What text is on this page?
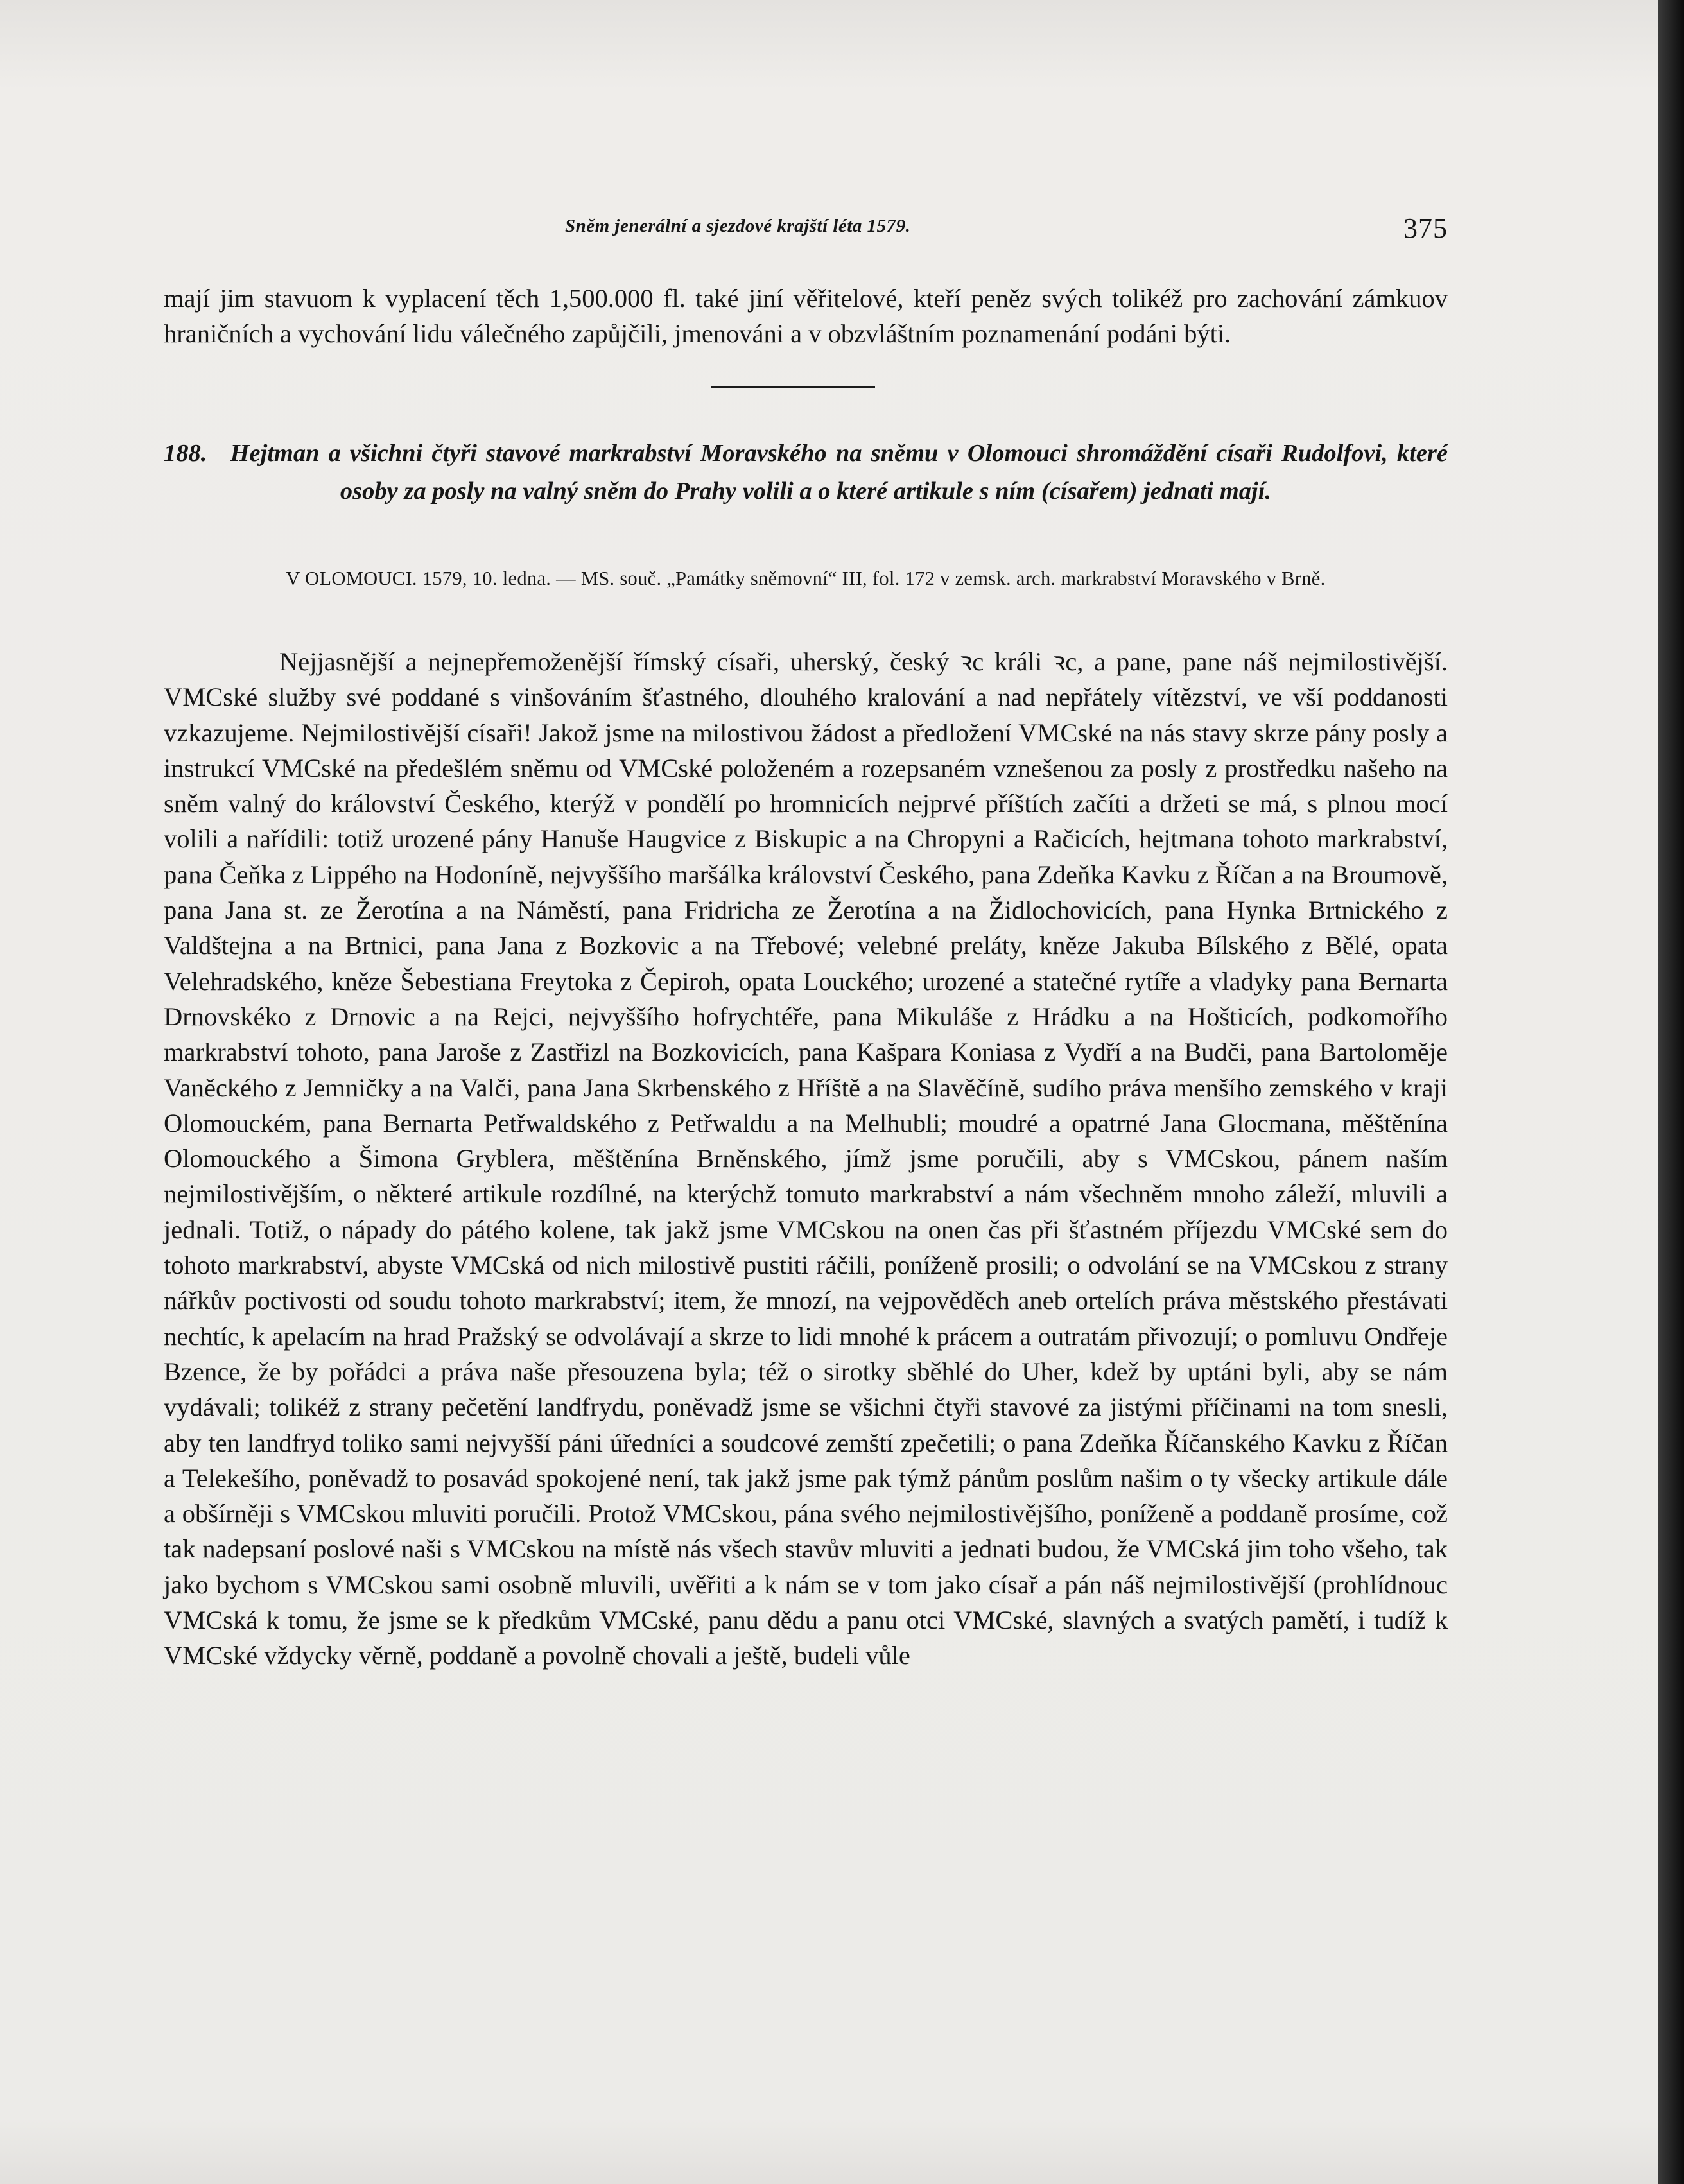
Sněm jenerální a sjezdové krajští léta 1579.	375

mají jim stavuom k vyplacení těch 1,500.000 fl. také jiní věřitelové, kteří peněz svých tolikéž pro zachování zámkuov hraničních a vychování lidu válečného zapůjčili, jmenováni a v obzvláštním poznamenání podáni býti.

188. Hejtman a všichni čtyři stavové markrabství Moravského na sněmu v Olomouci shromáždění císaři Rudolfovi, které osoby za posly na valný sněm do Prahy volili a o které artikule s ním (císařem) jednati mají.

V OLOMOUCI. 1579, 10. ledna. — MS. souč. „Památky sněmovní“ III, fol. 172 v zemsk. arch. markrabství Moravského v Brně.

Nejjasnější a nejnepřemoženější římský císaři, uherský, český ꝛc králi ꝛc, a pane, pane náš nejmilostivější. VMCské služby své poddané s vinšováním šťastného, dlouhého kralování a nad nepřátely vítězství, ve vší poddanosti vzkazujeme. Nejmilostivější císaři! Jakož jsme na milostivou žádost a předložení VMCské na nás stavy skrze pány posly a instrukcí VMCské na předešlém sněmu od VMCské položeném a rozepsaném vznešenou za posly z prostředku našeho na sněm valný do království Českého, kterýž v pondělí po hromnicích nejprvé příštích začíti a držeti se má, s plnou mocí volili a nařídili: totiž urozené pány Hanuše Haugvice z Biskupic a na Chropyni a Račicích, hejtmana tohoto markrabství, pana Čeňka z Lippého na Hodoníně, nejvyššího maršálka království Českého, pana Zdeňka Kavku z Říčan a na Broumově, pana Jana st. ze Žerotína a na Náměstí, pana Fridricha ze Žerotína a na Židlochovicích, pana Hynka Brtnického z Valdštejna a na Brtnici, pana Jana z Bozkovic a na Třebové; velebné preláty, kněze Jakuba Bílského z Bělé, opata Velehradského, kněze Šebestiana Freytoka z Čepiroh, opata Louckého; urozené a statečné rytíře a vladyky pana Bernarta Drnovskéko z Drnovic a na Rejci, nejvyššího hofrychtéře, pana Mikuláše z Hrádku a na Hošticích, podkomořího markrabství tohoto, pana Jaroše z Zastřizl na Bozkovicích, pana Kašpara Koniasa z Vydří a na Budči, pana Bartoloměje Vaněckého z Jemničky a na Valči, pana Jana Skrbenského z Hříště a na Slavěčíně, sudího práva menšího zemského v kraji Olomouckém, pana Bernarta Petřwaldského z Petřwaldu a na Melhubli; moudré a opatrné Jana Glocmana, měštěnína Olomouckého a Šimona Gryblera, měštěnína Brněnského, jímž jsme poručili, aby s VMCskou, pánem naším nejmilostivějším, o některé artikule rozdílné, na kterýchž tomuto markrabství a nám všechněm mnoho záleží, mluvili a jednali. Totiž, o nápady do pátého kolene, tak jakž jsme VMCskou na onen čas při šťastném příjezdu VMCské sem do tohoto markrabství, abyste VMCská od nich milostivě pustiti ráčili, poníženě prosili; o odvolání se na VMCskou z strany nářkův poctivosti od soudu tohoto markrabství; item, že mnozí, na vejpověděch aneb ortelích práva městského přestávati nechtíc, k apelacím na hrad Pražský se odvolávají a skrze to lidi mnohé k prácem a outratám přivozují; o pomluvu Ondřeje Bzence, že by pořádci a práva naše přesouzena byla; též o sirotky sběhlé do Uher, kdež by uptáni byli, aby se nám vydávali; tolikéž z strany pečetění landfrydu, poněvadž jsme se všichni čtyři stavové za jistými příčinami na tom snesli, aby ten landfryd toliko sami nejvyšší páni úředníci a soudcové zemští zpečetili; o pana Zdeňka Říčanského Kavku z Říčan a Telekešího, poněvadž to posavád spokojené není, tak jakž jsme pak týmž pánům poslům našim o ty všecky artikule dále a obšírněji s VMCskou mluviti poručili. Protož VMCskou, pána svého nejmilostivějšího, poníženě a poddaně prosíme, což tak nadepsaní poslové naši s VMCskou na místě nás všech stavův mluviti a jednati budou, že VMCská jim toho všeho, tak jako bychom s VMCskou sami osobně mluvili, uvěřiti a k nám se v tom jako císař a pán náš nejmilostivější (prohlídnouc VMCská k tomu, že jsme se k předkům VMCské, panu dědu a panu otci VMCské, slavných a svatých pamětí, i tudíž k VMCské vždycky věrně, poddaně a povolně chovali a ještě, budeli vůle
